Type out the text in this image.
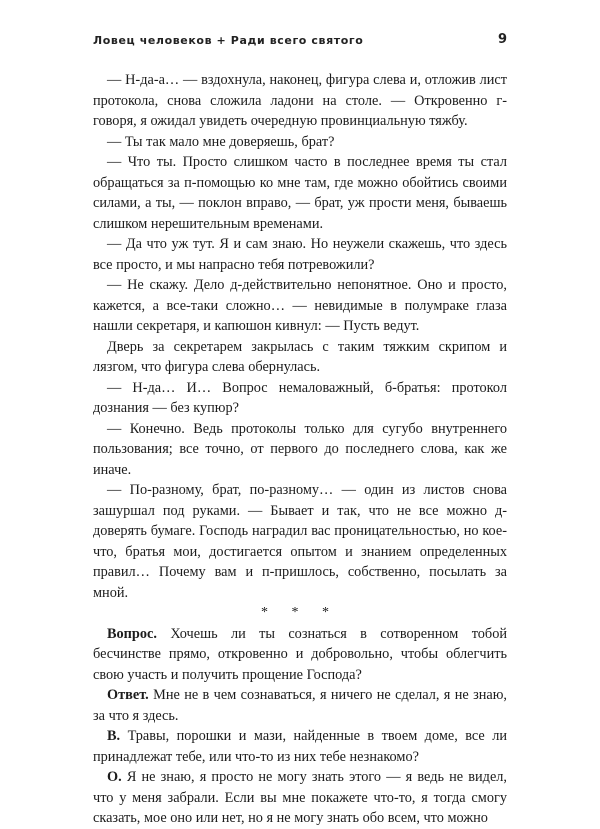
Ловец человеков + Ради всего святого	9

— Н-да-а… — вздохнула, наконец, фигура слева и, отложив лист протокола, снова сложила ладони на столе. — Откровенно г-говоря, я ожидал увидеть очередную провинциальную тяжбу.

— Ты так мало мне доверяешь, брат?

— Что ты. Просто слишком часто в последнее время ты стал обращаться за п-помощью ко мне там, где можно обойтись своими силами, а ты, — поклон вправо, — брат, уж прости меня, бываешь слишком нерешительным временами.

— Да что уж тут. Я и сам знаю. Но неужели скажешь, что здесь все просто, и мы напрасно тебя потревожили?

— Не скажу. Дело д-действительно непонятное. Оно и просто, кажется, а все-таки сложно… — невидимые в полумраке глаза нашли секретаря, и капюшон кивнул: — Пусть ведут.

Дверь за секретарем закрылась с таким тяжким скрипом и лязгом, что фигура слева обернулась.

— Н-да… И… Вопрос немаловажный, б-братья: протокол дознания — без купюр?

— Конечно. Ведь протоколы только для сугубо внутреннего пользования; все точно, от первого до последнего слова, как же иначе.

— По-разному, брат, по-разному… — один из листов снова зашуршал под руками. — Бывает и так, что не все можно д-доверять бумаге. Господь наградил вас проницательностью, но кое-что, братья мои, достигается опытом и знанием определенных правил… Почему вам и п-пришлось, собственно, посылать за мной.

* * *

Вопрос. Хочешь ли ты сознаться в сотворенном тобой бесчинстве прямо, откровенно и добровольно, чтобы облегчить свою участь и получить прощение Господа?

Ответ. Мне не в чем сознаваться, я ничего не сделал, я не знаю, за что я здесь.

В. Травы, порошки и мази, найденные в твоем доме, все ли принадлежат тебе, или что-то из них тебе незнакомо?

О. Я не знаю, я просто не могу знать этого — я ведь не видел, что у меня забрали. Если вы мне покажете что-то, я тогда смогу сказать, мое оно или нет, но я не могу знать обо всем, что можно
